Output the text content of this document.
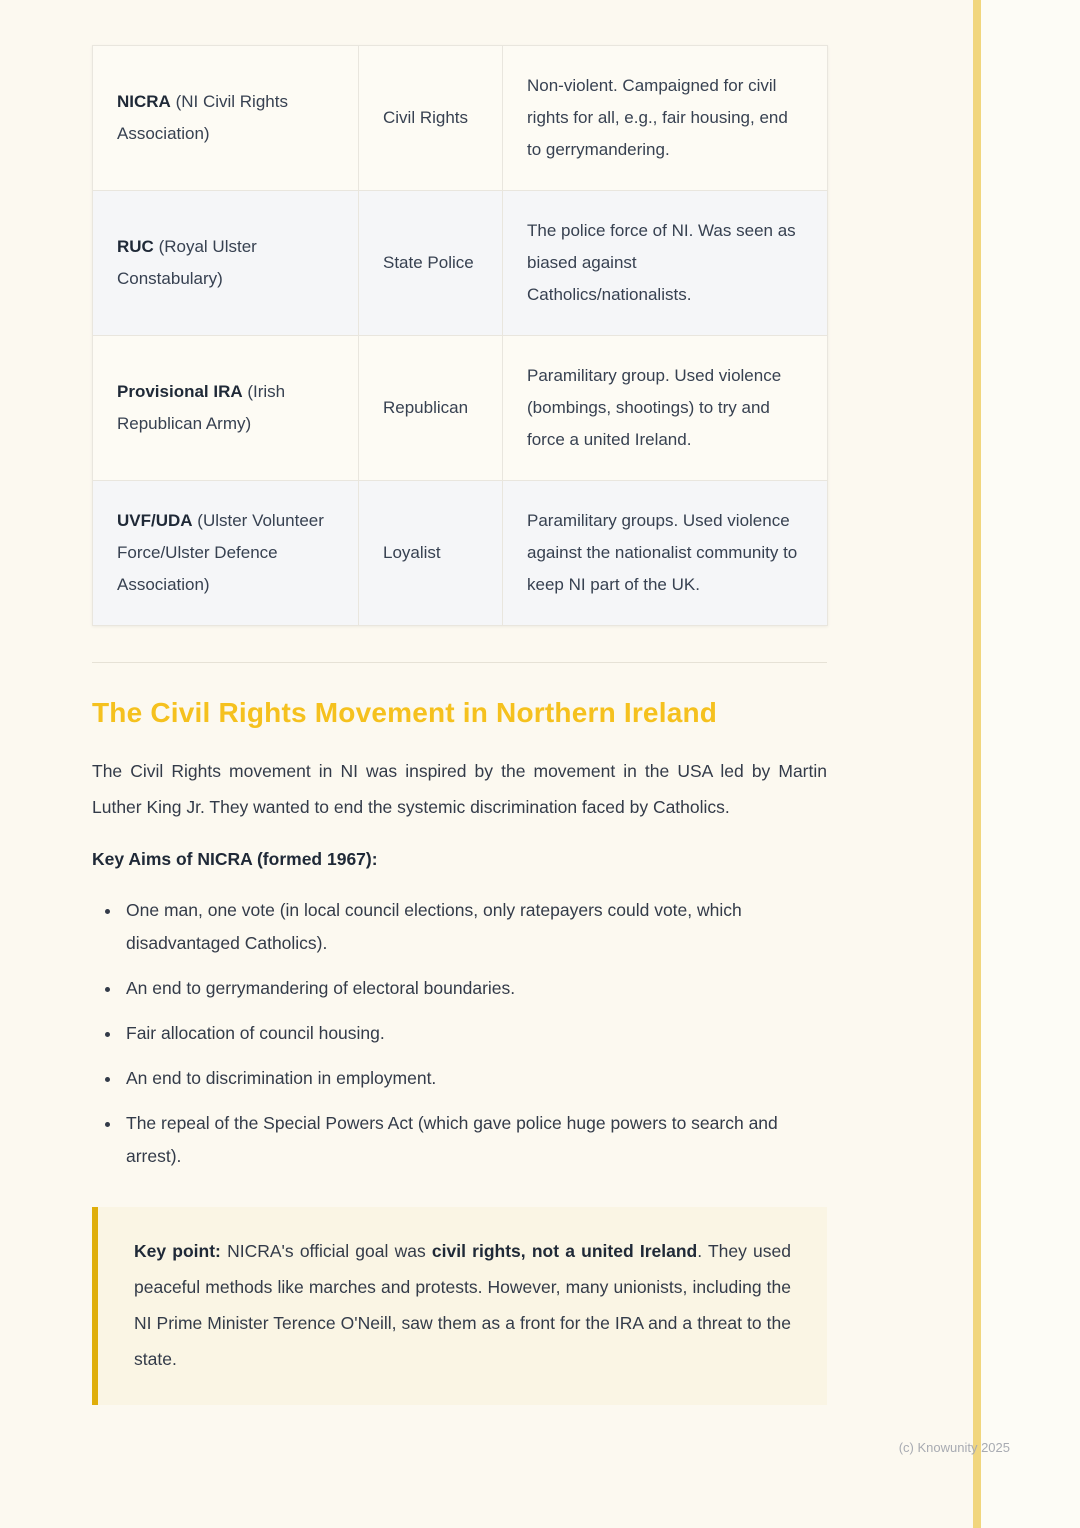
NICRA (NI Civil Rights Association)	Civil Rights	Non-violent. Campaigned for civil rights for all, e.g., fair housing, end to gerrymandering.
RUC (Royal Ulster Constabulary)	State Police	The police force of NI. Was seen as biased against Catholics/nationalists.
Provisional IRA (Irish Republican Army)	Republican	Paramilitary group. Used violence (bombings, shootings) to try and force a united Ireland.
UVF/UDA (Ulster Volunteer Force/Ulster Defence Association)	Loyalist	Paramilitary groups. Used violence against the nationalist community to keep NI part of the UK.
The Civil Rights Movement in Northern Ireland

The Civil Rights movement in NI was inspired by the movement in the USA led by Martin Luther King Jr. They wanted to end the systemic discrimination faced by Catholics.

Key Aims of NICRA (formed 1967):

• One man, one vote (in local council elections, only ratepayers could vote, which disadvantaged Catholics).
• An end to gerrymandering of electoral boundaries.
• Fair allocation of council housing.
• An end to discrimination in employment.
• The repeal of the Special Powers Act (which gave police huge powers to search and arrest).
Key point: NICRA's official goal was civil rights, not a united Ireland. They used peaceful methods like marches and protests. However, many unionists, including the NI Prime Minister Terence O'Neill, saw them as a front for the IRA and a threat to the state.
(c) Knowunity 2025
